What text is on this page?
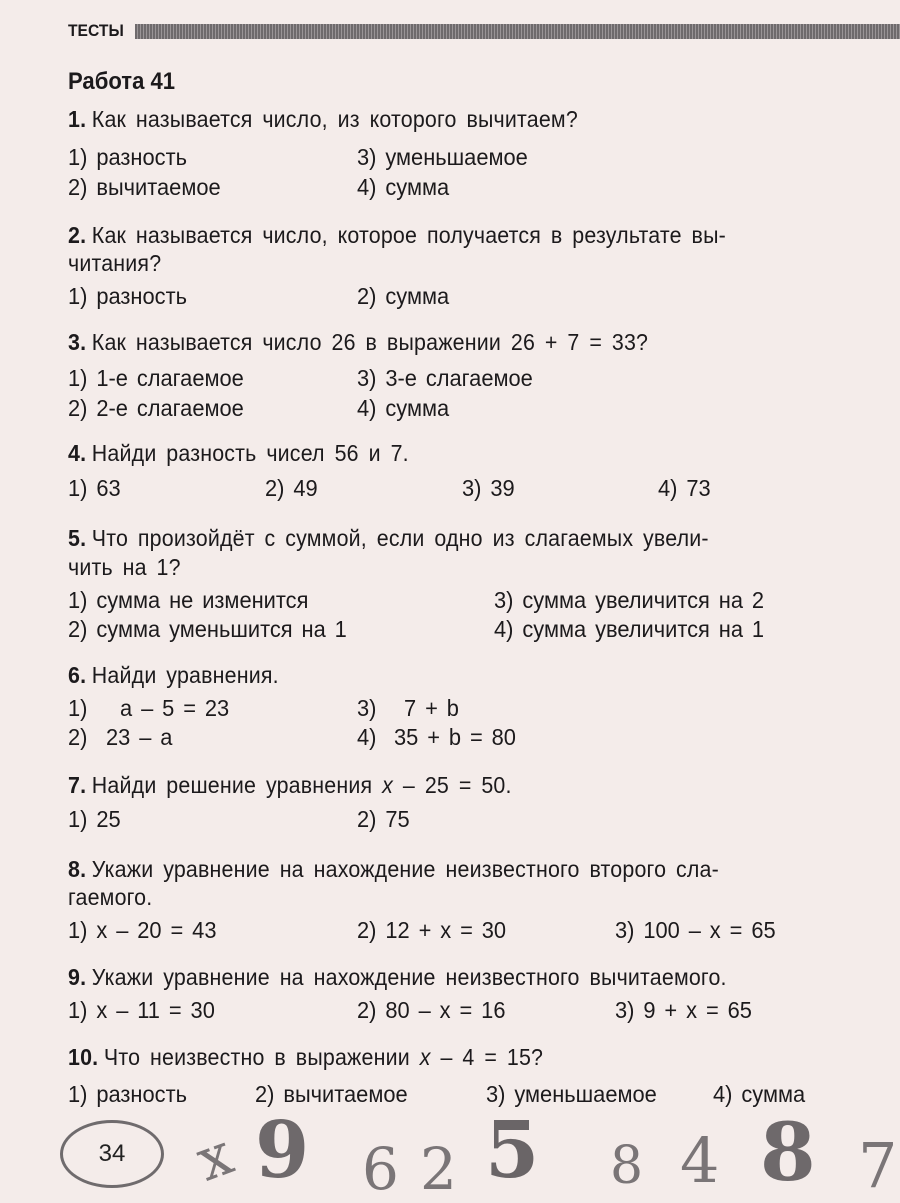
ТЕСТЫ
Работа 41

1. Как называется число, из которого вычитаем?

1) разность
2) вычитаемое
3) уменьшаемое
4) сумма

2. Как называется число, которое получается в результате вы-

читания?

1) разность	2) сумма

3. Как называется число 26 в выражении 26 + 7 = 33?

1) 1-е слагаемое
2) 2-е слагаемое
3) 3-е слагаемое
4) сумма

4. Найди разность чисел 56 и 7.

1) 63	2) 49	3) 39	4) 73

5. Что произойдёт с суммой, если одно из слагаемых увели-

чить на 1?

1) сумма не изменится
2) сумма уменьшится на 1
3) сумма увеличится на 2
4) сумма увеличится на 1

6. Найди уравнения.

1) a – 5 = 23
2) 23 – a
3) 7 + b
4) 35 + b = 80

7. Найди решение уравнения x – 25 = 50.

1) 25	2) 75

8. Укажи уравнение на нахождение неизвестного второго сла-

гаемого.

1) x – 20 = 43	2) 12 + x = 30	3) 100 – x = 65

9. Укажи уравнение на нахождение неизвестного вычитаемого.

1) x – 11 = 30	2) 80 – x = 16	3) 9 + x = 65

10. Что неизвестно в выражении x – 4 = 15?

1) разность	2) вычитаемое	3) уменьшаемое 4) сумма
34 x 9 6 2 5 8 4 8 7
